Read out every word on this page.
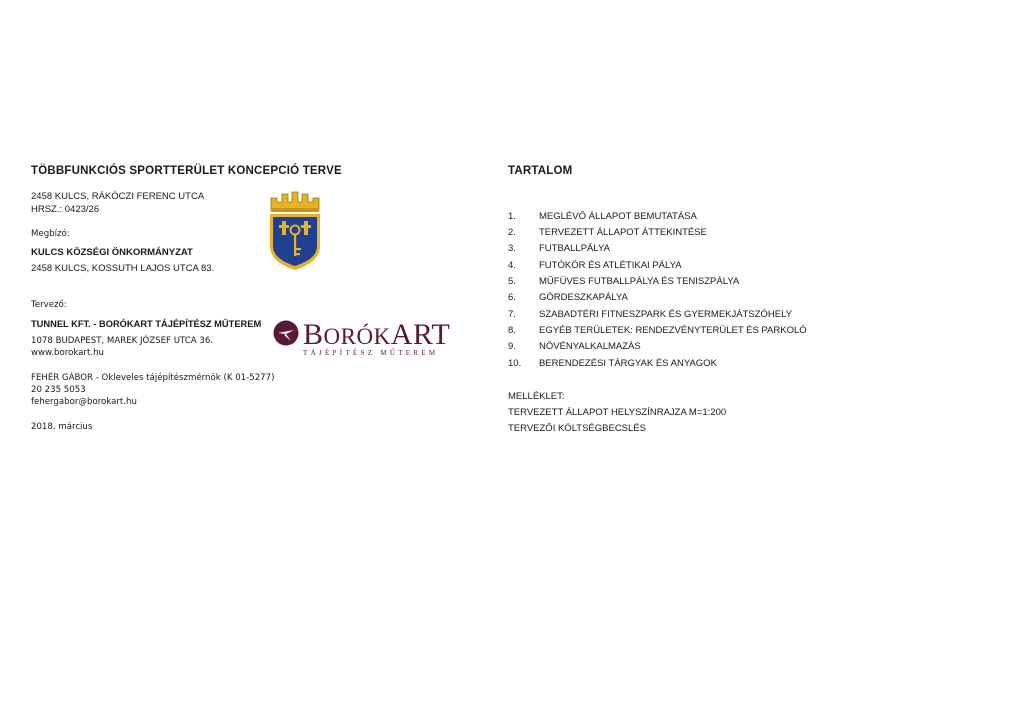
TÖBBFUNKCIÓS SPORTTERÜLET KONCEPCIÓ TERVE
2458 KULCS, RÁKÓCZI FERENC UTCA
HRSZ.: 0423/26
Megbízó:
KULCS KÖZSÉGI ÖNKORMÁNYZAT
2458 KULCS, KOSSUTH LAJOS UTCA 83.
Tervező:
TUNNEL KFT. - BORÓKART TÁJÉPÍTÉSZ MŰTEREM
1078 BUDAPEST, MAREK JÓZSEF UTCA 36.
www.borokart.hu
FEHÉR GÁBOR - Okleveles tájépítészmérnök (K 01-5277)
20 235 5053
fehergabor@borokart.hu
2018. március
BORÓKART
TÁJÉPÍTÉSZ MŰTEREM
TARTALOM
1. MEGLÉVŐ ÁLLAPOT BEMUTATÁSA
2. TERVEZETT ÁLLAPOT ÁTTEKINTÉSE
3. FUTBALLPÁLYA
4. FUTÓKÖR ÉS ATLÉTIKAI PÁLYA
5. MŰFÜVES FUTBALLPÁLYA ÉS TENISZPÁLYA
6. GÖRDESZKAPÁLYA
7. SZABADTÉRI FITNESZPARK ÉS GYERMEKJÁTSZÓHELY
8. EGYÉB TERÜLETEK: RENDEZVÉNYTERÜLET ÉS PARKOLÓ
9. NÖVÉNYALKALMAZÁS
10. BERENDEZÉSI TÁRGYAK ÉS ANYAGOK
MELLÉKLET:
TERVEZETT ÁLLAPOT HELYSZÍNRAJZA M=1:200
TERVEZŐI KÖLTSÉGBECSLÉS
